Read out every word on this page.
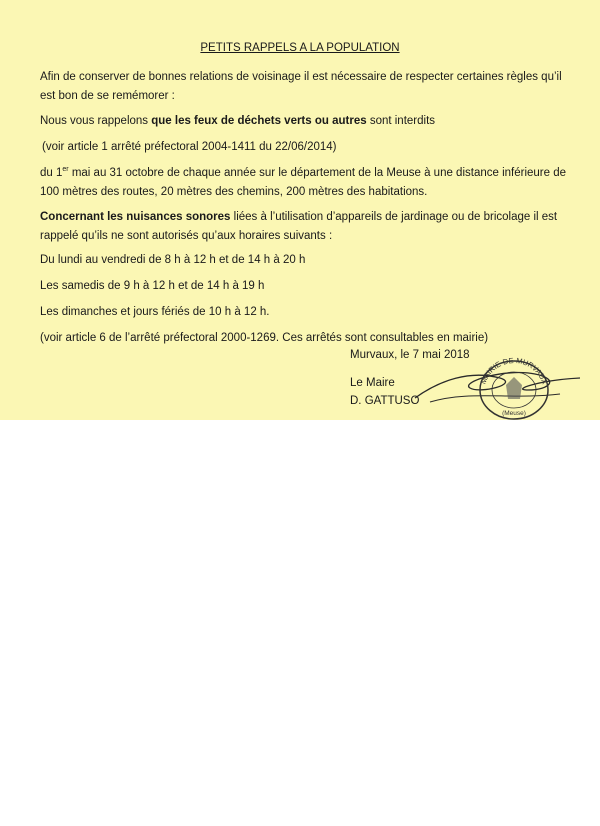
PETITS RAPPELS A LA POPULATION

Afin de conserver de bonnes relations de voisinage il est nécessaire de respecter certaines règles qu’il est bon de se remémorer :

Nous vous rappelons que les feux de déchets verts ou autres sont interdits

(voir article 1 arrêté préfectoral 2004-1411 du 22/06/2014)

du 1er mai au 31 octobre de chaque année sur le département de la Meuse à une distance inférieure de 100 mètres des routes, 20 mètres des chemins, 200 mètres des habitations.

Concernant les nuisances sonores liées à l’utilisation d’appareils de jardinage ou de bricolage il est rappelé qu’ils ne sont autorisés qu’aux horaires suivants :

Du lundi au vendredi de 8 h à 12 h et de 14 h à 20 h

Les samedis de 9 h à 12 h et de 14 h à 19 h

Les dimanches et jours fériés de 10 h à 12 h.

(voir article 6 de l’arrêté préfectoral 2000-1269. Ces arrêtés sont consultables en mairie)

Murvaux, le 7 mai 2018
Le Maire
D. GATTUSO
MAIRIE DE MURVAUX
(Meuse)
